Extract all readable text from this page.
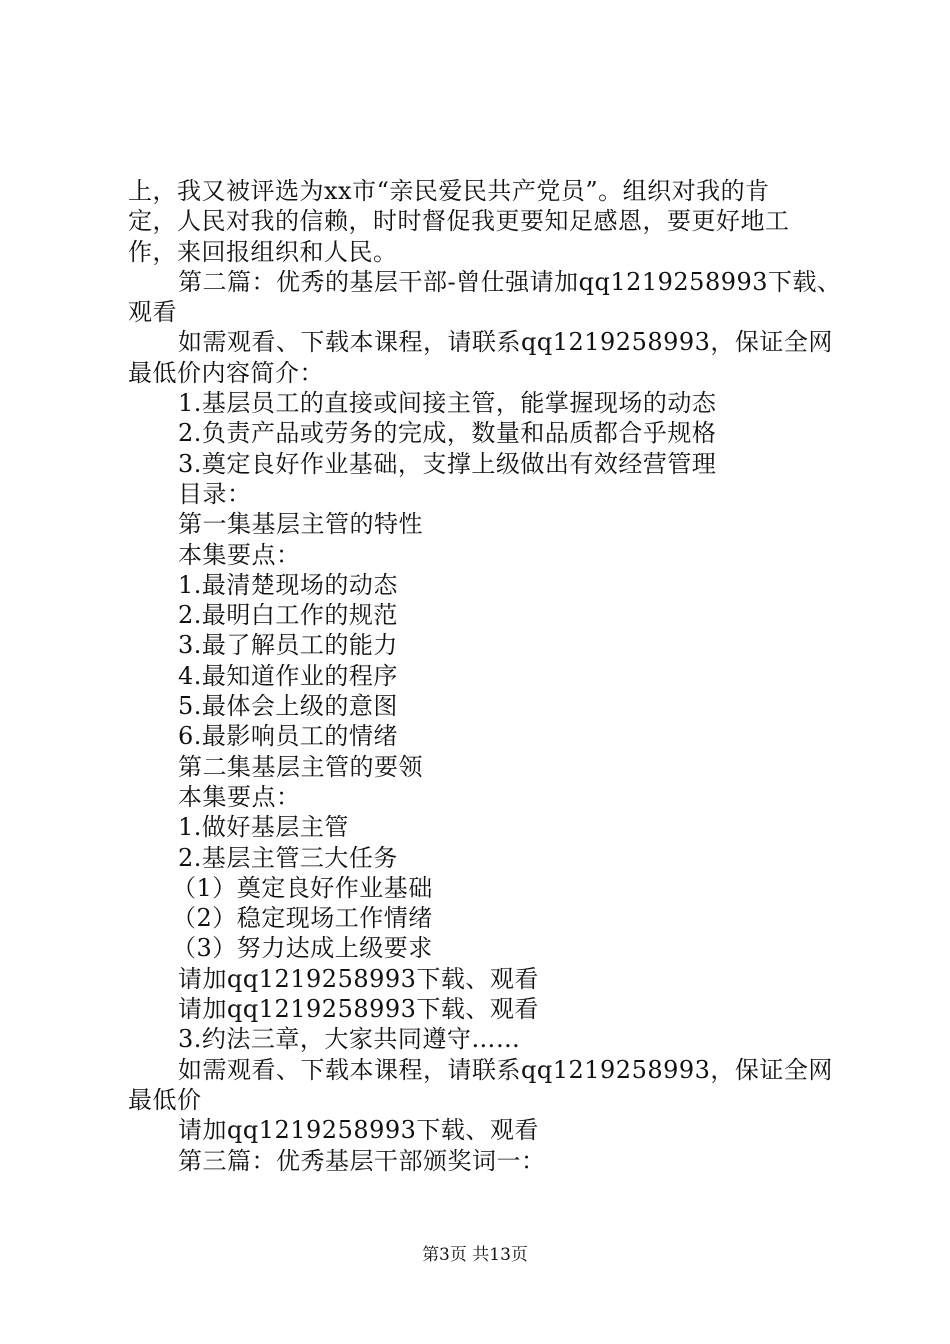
上，我又被评选为xx市“亲民爱民共产党员”。组织对我的肯
定，人民对我的信赖，时时督促我更要知足感恩，要更好地工
作，来回报组织和人民。
第二篇：优秀的基层干部-曾仕强请加qq1219258993下载、
观看
如需观看、下载本课程，请联系qq1219258993，保证全网
最低价内容简介：
1.基层员工的直接或间接主管，能掌握现场的动态
2.负责产品或劳务的完成，数量和品质都合乎规格
3.奠定良好作业基础，支撑上级做出有效经营管理
目录：
第一集基层主管的特性
本集要点：
1.最清楚现场的动态
2.最明白工作的规范
3.最了解员工的能力
4.最知道作业的程序
5.最体会上级的意图
6.最影响员工的情绪
第二集基层主管的要领
本集要点：
1.做好基层主管
2.基层主管三大任务
（1）奠定良好作业基础
（2）稳定现场工作情绪
（3）努力达成上级要求
请加qq1219258993下载、观看
请加qq1219258993下载、观看
3.约法三章，大家共同遵守……
如需观看、下载本课程，请联系qq1219258993，保证全网
最低价
请加qq1219258993下载、观看
第三篇：优秀基层干部颁奖词一：
第3页 共13页
